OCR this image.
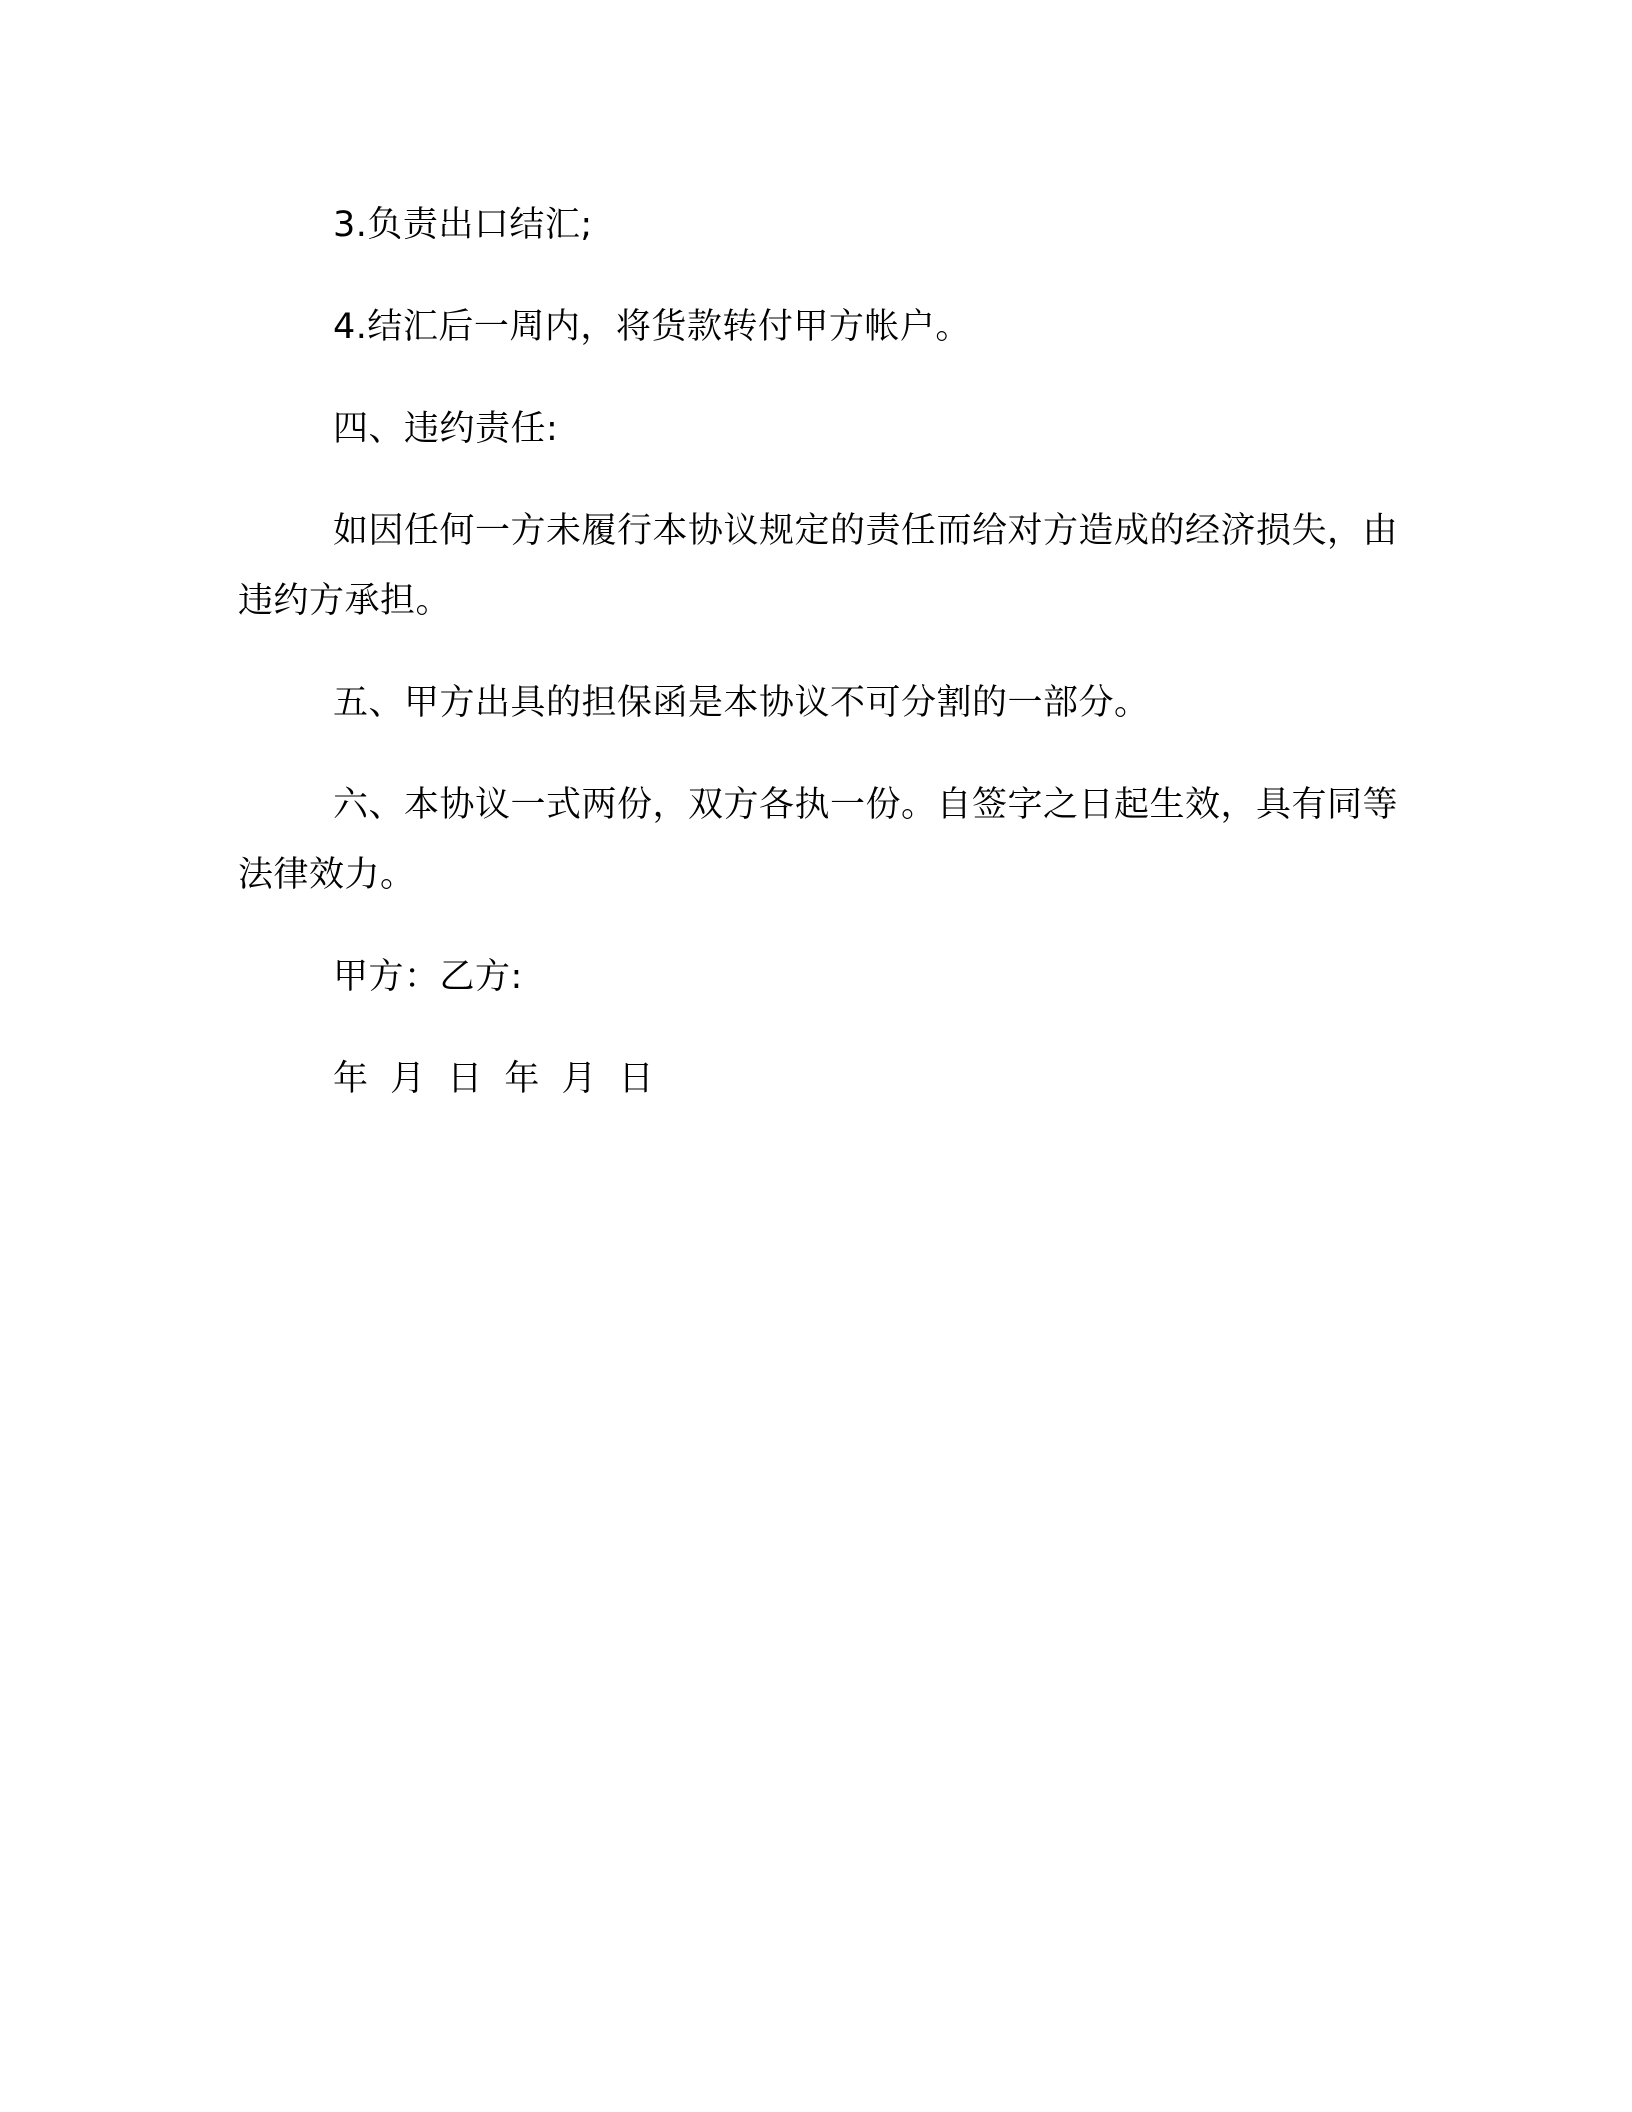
3.负责出口结汇;

4.结汇后一周内，将货款转付甲方帐户。

四、违约责任:

如因任何一方未履行本协议规定的责任而给对方造成的经济损失，由违约方承担。

五、甲方出具的担保函是本协议不可分割的一部分。

六、本协议一式两份，双方各执一份。自签字之日起生效，具有同等法律效力。

甲方：乙方:

年 月 日 年 月 日
